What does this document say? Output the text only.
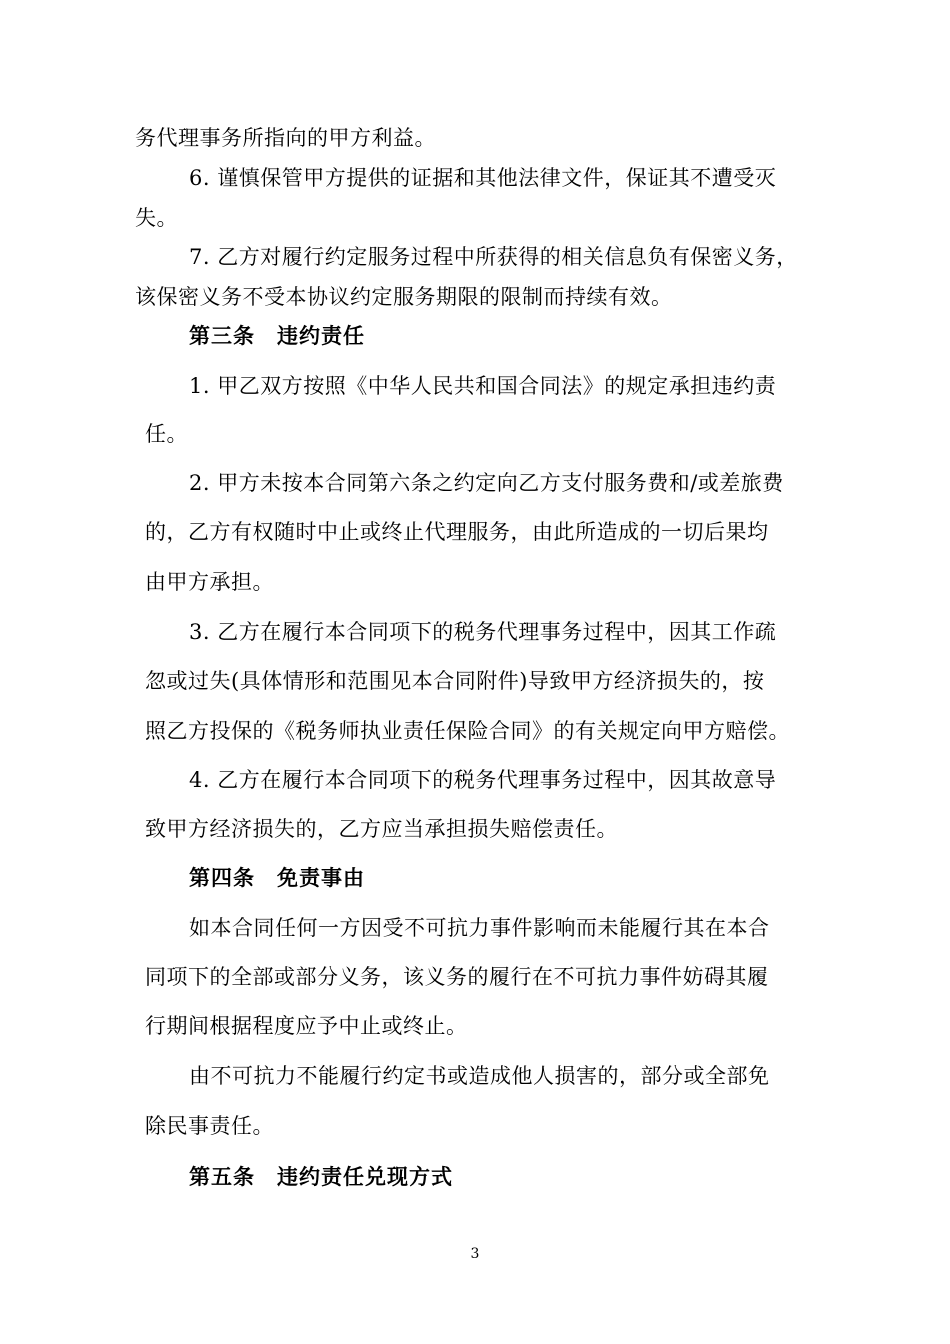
务代理事务所指向的甲方利益。
6. 谨慎保管甲方提供的证据和其他法律文件，保证其不遭受灭
失。
7. 乙方对履行约定服务过程中所获得的相关信息负有保密义务，
该保密义务不受本协议约定服务期限的限制而持续有效。
第三条　违约责任
1. 甲乙双方按照《中华人民共和国合同法》的规定承担违约责
任。
2. 甲方未按本合同第六条之约定向乙方支付服务费和/或差旅费
的，乙方有权随时中止或终止代理服务，由此所造成的一切后果均
由甲方承担。
3. 乙方在履行本合同项下的税务代理事务过程中，因其工作疏
忽或过失(具体情形和范围见本合同附件)导致甲方经济损失的，按
照乙方投保的《税务师执业责任保险合同》的有关规定向甲方赔偿。
4. 乙方在履行本合同项下的税务代理事务过程中，因其故意导
致甲方经济损失的，乙方应当承担损失赔偿责任。
第四条　免责事由
如本合同任何一方因受不可抗力事件影响而未能履行其在本合
同项下的全部或部分义务，该义务的履行在不可抗力事件妨碍其履
行期间根据程度应予中止或终止。
由不可抗力不能履行约定书或造成他人损害的，部分或全部免
除民事责任。
第五条　违约责任兑现方式
3
